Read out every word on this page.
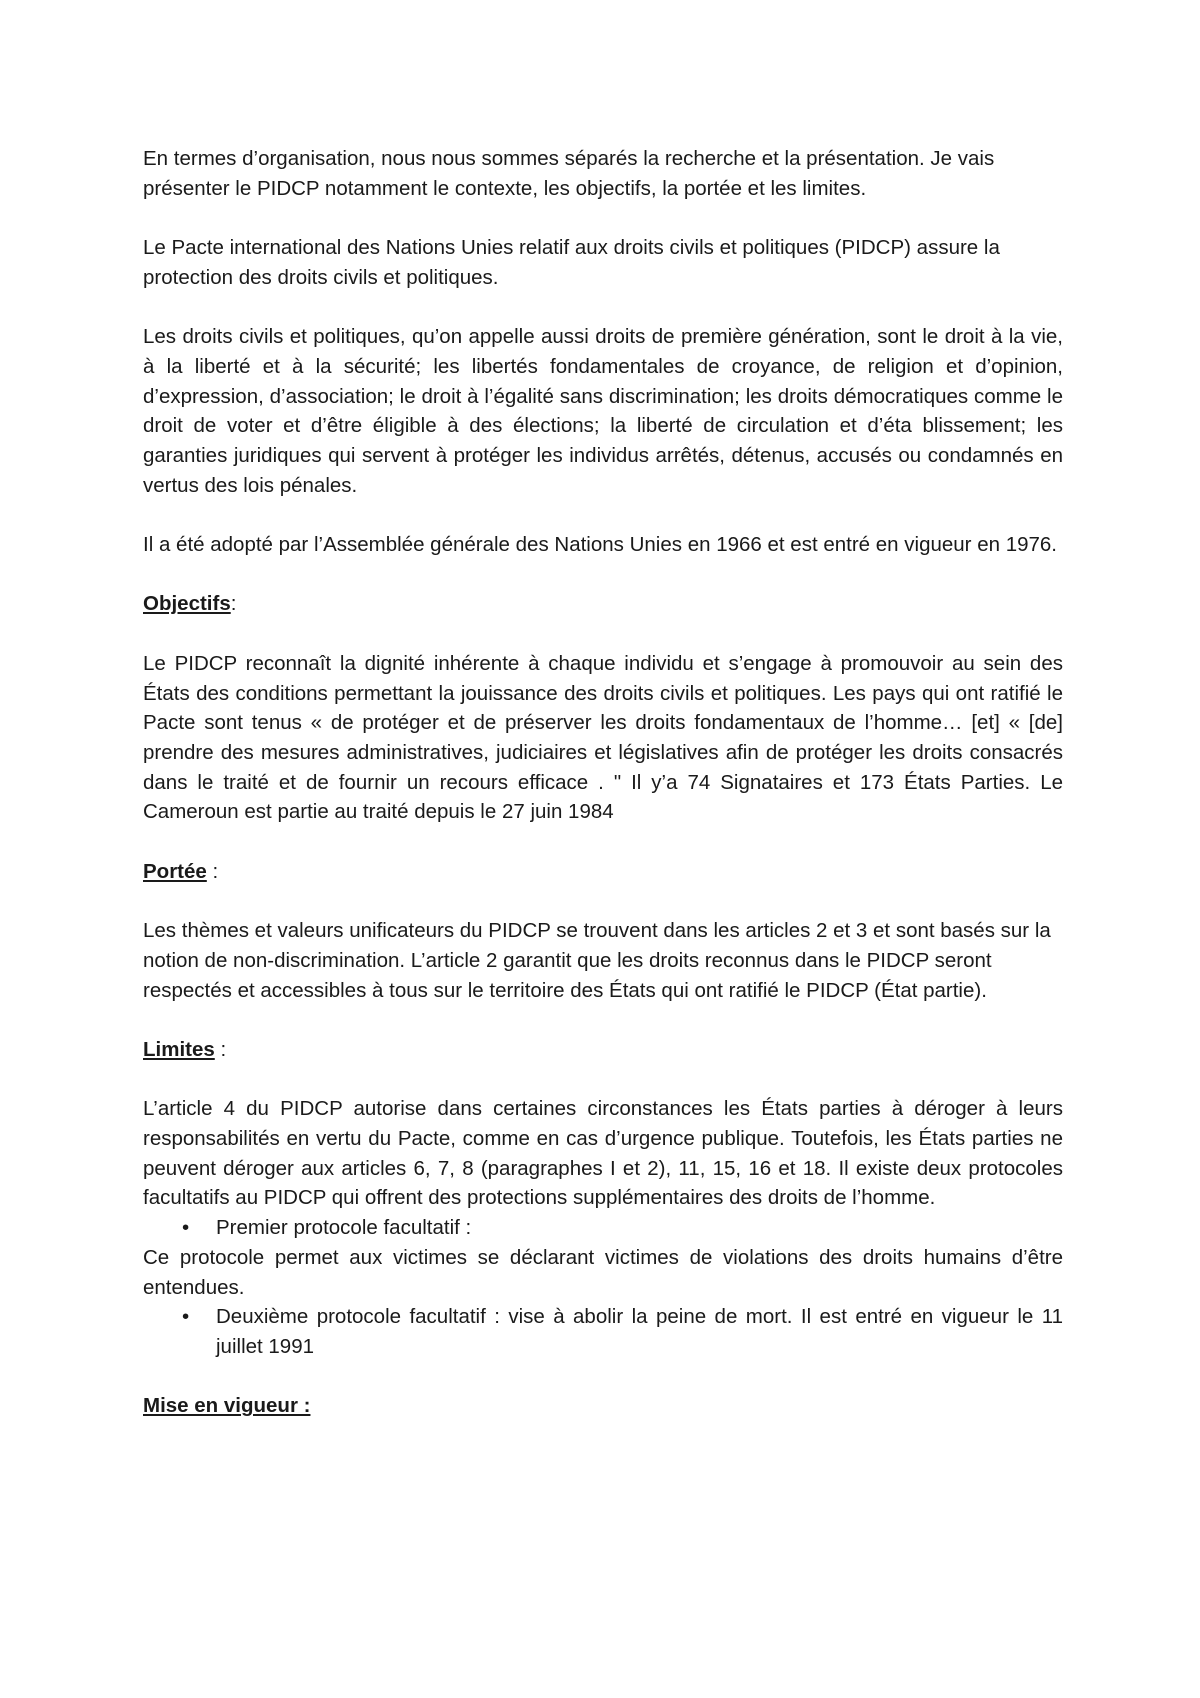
En termes d’organisation, nous nous sommes séparés la recherche et la présentation. Je vais présenter le PIDCP notamment le contexte, les objectifs, la portée et les limites.

Le Pacte international des Nations Unies relatif aux droits civils et politiques (PIDCP) assure la protection des droits civils et politiques.

Les droits civils et politiques, qu’on appelle aussi droits de première génération, sont le droit à la vie, à la liberté et à la sécurité; les libertés fondamentales de croyance, de religion et d’opinion, d’expression, d’association; le droit à l’égalité sans discrimination; les droits démocratiques comme le droit de voter et d’être éligible à des élections; la liberté de circulation et d’éta blissement; les garanties juridiques qui servent à protéger les individus arrêtés, détenus, accusés ou condamnés en vertus des lois pénales.

Il a été adopté par l’Assemblée générale des Nations Unies en 1966 et est entré en vigueur en 1976.

Objectifs:

Le PIDCP reconnaît la dignité inhérente à chaque individu et s’engage à promouvoir au sein des États des conditions permettant la jouissance des droits civils et politiques. Les pays qui ont ratifié le Pacte sont tenus « de protéger et de préserver les droits fondamentaux de l’homme… [et] « [de] prendre des mesures administratives, judiciaires et législatives afin de protéger les droits consacrés dans le traité et de fournir un recours efficace . " Il y’a 74 Signataires et 173 États Parties. Le Cameroun est partie au traité depuis le 27 juin 1984

Portée :

Les thèmes et valeurs unificateurs du PIDCP se trouvent dans les articles 2 et 3 et sont basés sur la notion de non-discrimination. L’article 2 garantit que les droits reconnus dans le PIDCP seront respectés et accessibles à tous sur le territoire des États qui ont ratifié le PIDCP (État partie).

Limites :

L’article 4 du PIDCP autorise dans certaines circonstances les États parties à déroger à leurs responsabilités en vertu du Pacte, comme en cas d’urgence publique. Toutefois, les États parties ne peuvent déroger aux articles 6, 7, 8 (paragraphes I et 2), 11, 15, 16 et 18. Il existe deux protocoles facultatifs au PIDCP qui offrent des protections supplémentaires des droits de l’homme.

• Premier protocole facultatif :

Ce protocole permet aux victimes se déclarant victimes de violations des droits humains d’être entendues.

• Deuxième protocole facultatif : vise à abolir la peine de mort. Il est entré en vigueur le 11 juillet 1991

Mise en vigueur :
